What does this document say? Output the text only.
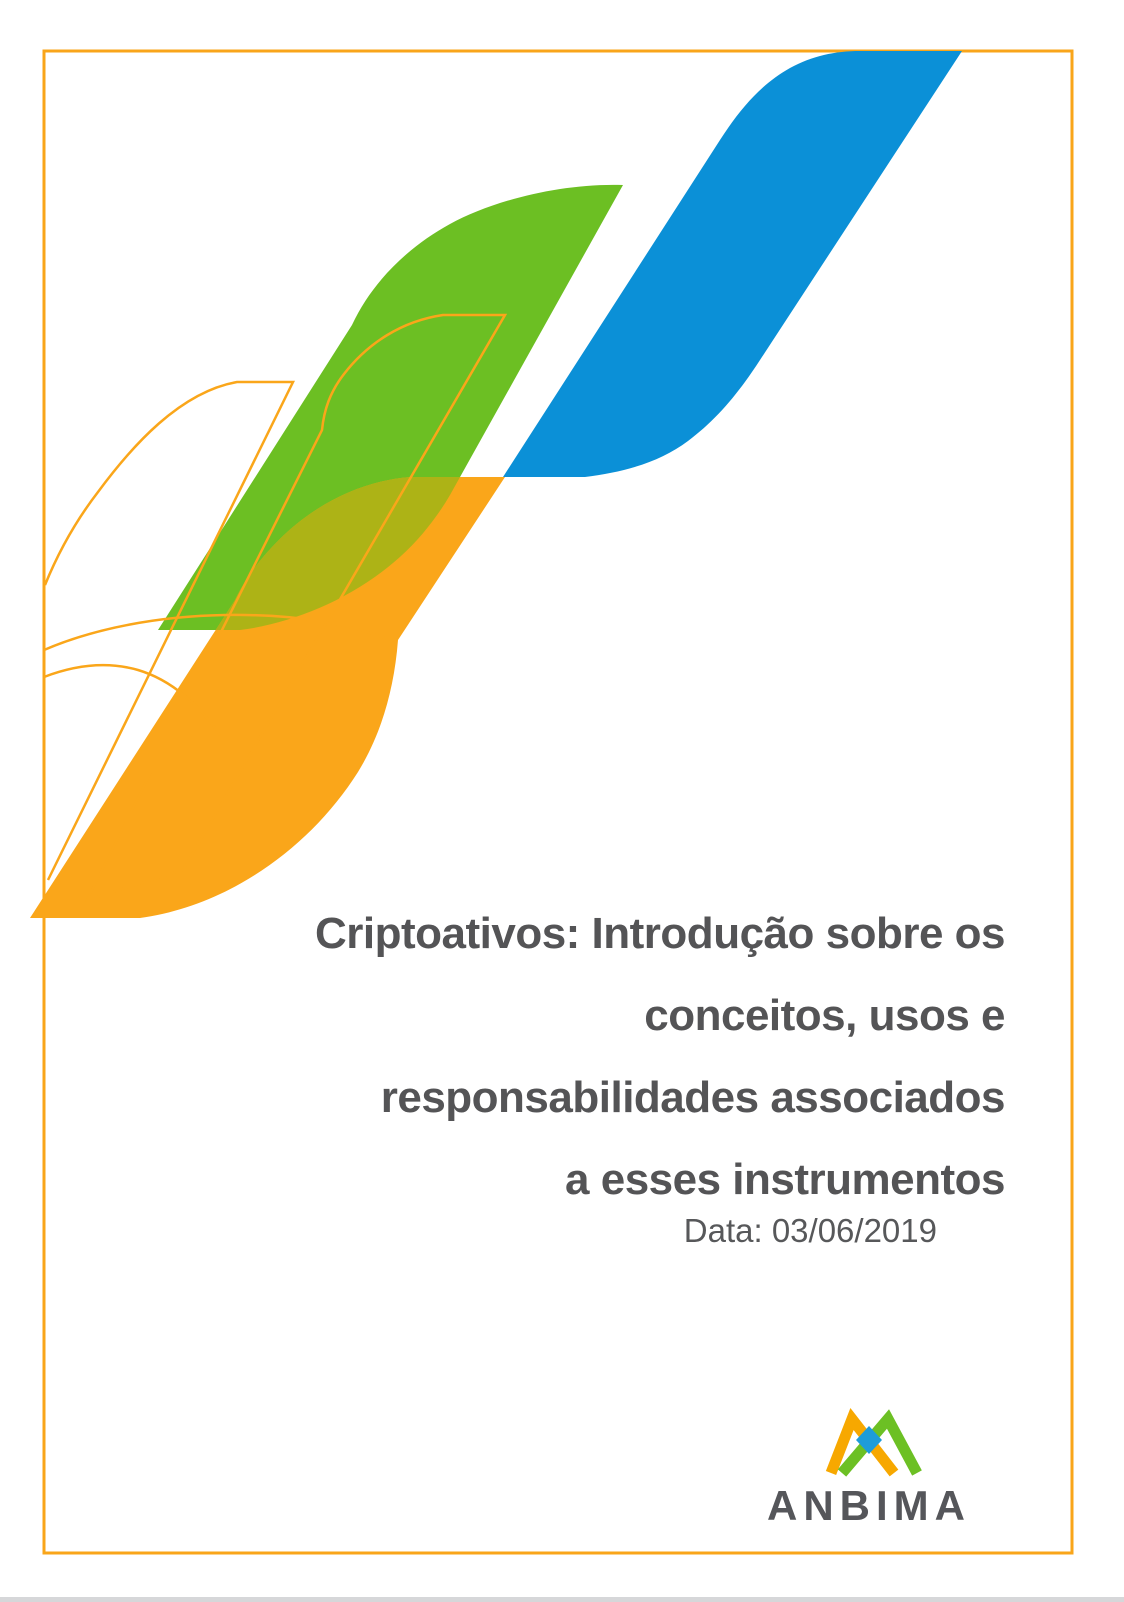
Criptoativos: Introdução sobre os
conceitos, usos e
responsabilidades associados
a esses instrumentos
Data: 03/06/2019
ANBIMA
